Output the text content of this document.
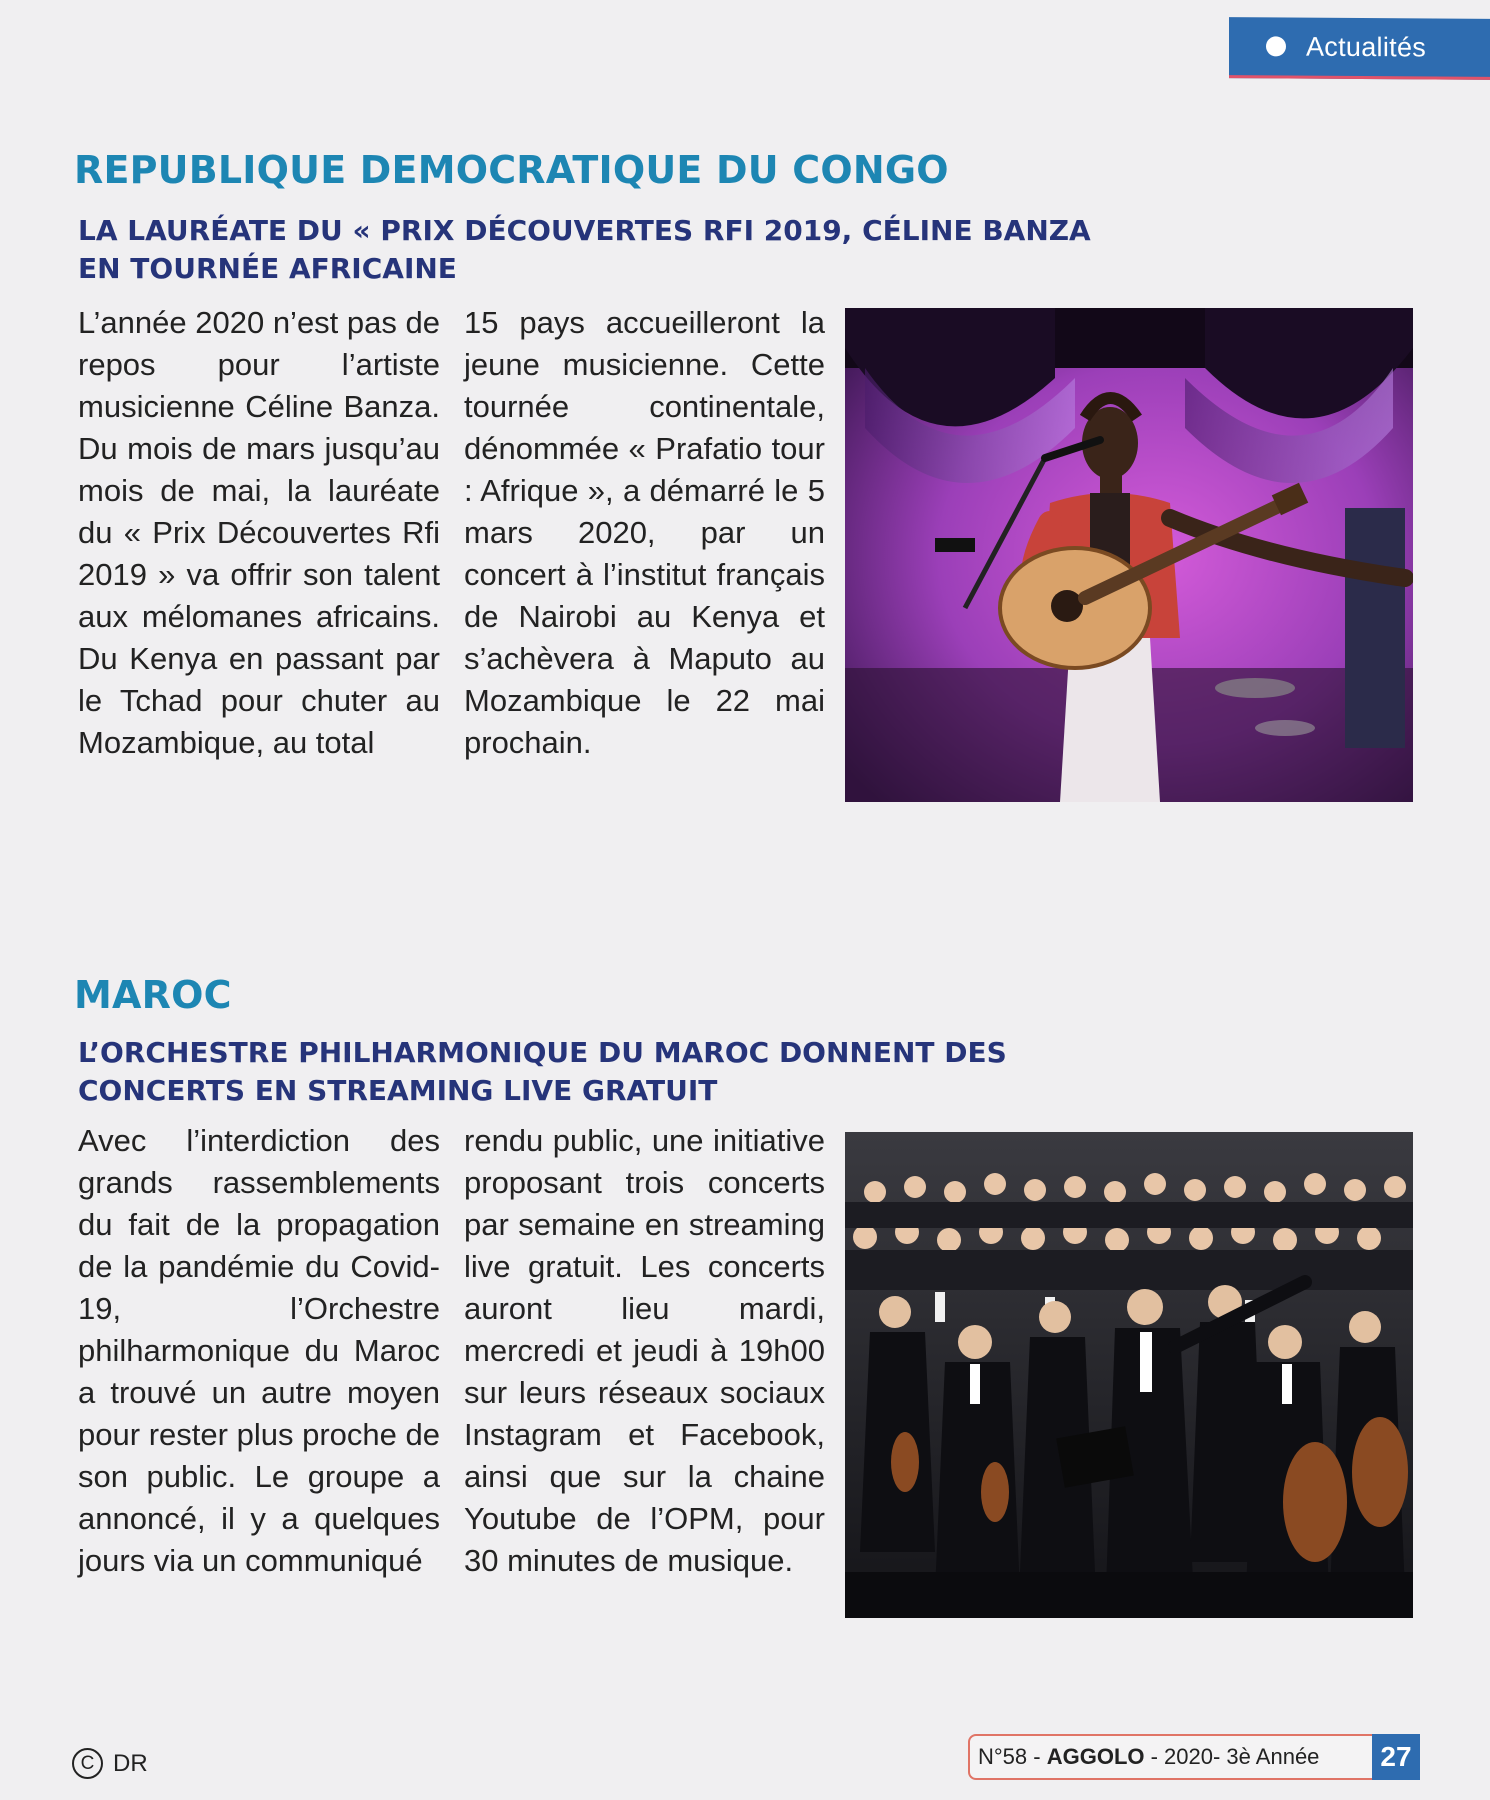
Actualités
REPUBLIQUE DEMOCRATIQUE DU CONGO
LA LAURÉATE DU « PRIX DÉCOUVERTES RFI 2019, CÉLINE BANZA EN TOURNÉE AFRICAINE

L’année 2020 n’est pas de repos pour l’artiste musicienne Céline Banza. Du mois de mars jusqu’au mois de mai, la lauréate du « Prix Découvertes Rfi 2019 » va offrir son talent aux mélomanes africains. Du Kenya en passant par le Tchad pour chuter au Mozambique, au total

15 pays accueilleront la jeune musicienne. Cette tournée continentale, dénommée « Prafatio tour : Afrique », a démarré le 5 mars 2020, par un concert à l’institut français de Nairobi au Kenya et s’achèvera à Maputo au Mozambique le 22 mai prochain.

MAROC
L’ORCHESTRE PHILHARMONIQUE DU MAROC DONNENT DES CONCERTS EN STREAMING LIVE GRATUIT

Avec l’interdiction des grands rassemblements du fait de la propagation de la pandémie du Covid-19, l’Orchestre philharmonique du Maroc a trouvé un autre moyen pour rester plus proche de son public. Le groupe a annoncé, il y a quelques jours via un communiqué

rendu public, une initiative proposant trois concerts par semaine en streaming live gratuit. Les concerts auront lieu mardi, mercredi et jeudi à 19h00 sur leurs réseaux sociaux Instagram et Facebook, ainsi que sur la chaine Youtube de l’OPM, pour 30 minutes de musique.

C DR	N°58 - AGGOLO - 2020- 3è Année	27
